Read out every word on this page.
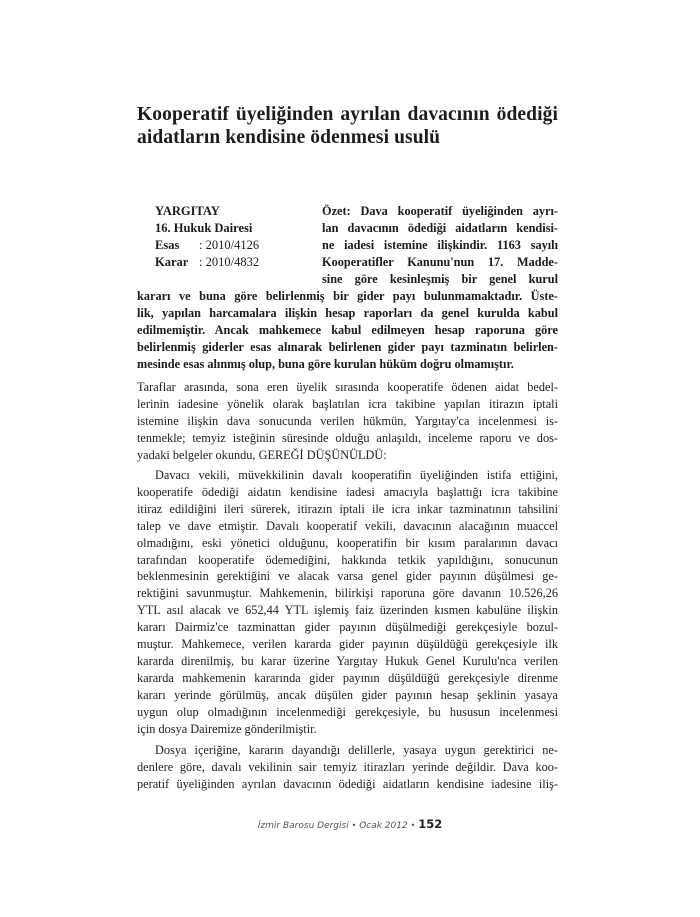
Kooperatif üyeliğinden ayrılan davacının ödediği
aidatların kendisine ödenmesi usulü
YARGITAY
16. Hukuk Dairesi
Esas : 2010/4126
Karar : 2010/4832
Özet: Dava kooperatif üyeliğinden ayrı-
lan davacının ödediği aidatların kendisi-
ne iadesi istemine ilişkindir. 1163 sayılı
Kooperatifler Kanunu'nun 17. Madde-
sine göre kesinleşmiş bir genel kurul
kararı ve buna göre belirlenmiş bir gider payı bulunmamaktadır. Üste-
lik, yapılan harcamalara ilişkin hesap raporları da genel kurulda kabul
edilmemiştir. Ancak mahkemece kabul edilmeyen hesap raporuna göre
belirlenmiş giderler esas alınarak belirlenen gider payı tazminatın belirlen-
mesinde esas alınmış olup, buna göre kurulan hüküm doğru olmamıştır.
Taraflar arasında, sona eren üyelik sırasında kooperatife ödenen aidat bedel-
lerinin iadesine yönelik olarak başlatılan icra takibine yapılan itirazın iptali
istemine ilişkin dava sonucunda verilen hükmün, Yargıtay'ca incelenmesi is-
tenmekle; temyiz isteğinin süresinde olduğu anlaşıldı, inceleme raporu ve dos-
yadaki belgeler okundu, GEREĞİ DÜŞÜNÜLDÜ:
Davacı vekili, müvekkilinin davalı kooperatifin üyeliğinden istifa ettiğini,
kooperatife ödediği aidatın kendisine iadesi amacıyla başlattığı icra takibine
itiraz edildiğini ileri sürerek, itirazın iptali ile icra inkar tazminatının tahsilini
talep ve dave etmiştir. Davalı kooperatif vekili, davacının alacağının muaccel
olmadığını, eski yönetici olduğunu, kooperatifin bir kısım paralarının davacı
tarafından kooperatife ödemediğini, hakkında tetkik yapıldığını, sonucunun
beklenmesinin gerektiğini ve alacak varsa genel gider payının düşülmesi ge-
rektiğini savunmuştur. Mahkemenin, bilirkişi raporuna göre davanın 10.526,26
YTL asıl alacak ve 652,44 YTL işlemiş faiz üzerinden kısmen kabulüne ilişkin
kararı Dairmiz'ce tazminattan gider payının düşülmediği gerekçesiyle bozul-
muştur. Mahkemece, verilen kararda gider payının düşüldüğü gerekçesiyle ilk
kararda direnilmiş, bu karar üzerine Yargıtay Hukuk Genel Kurulu'nca verilen
kararda mahkemenin kararında gider payının düşüldüğü gerekçesiyle direnme
kararı yerinde görülmüş, ancak düşülen gider payının hesap şeklinin yasaya
uygun olup olmadığının incelenmediği gerekçesiyle, bu hususun incelenmesi
için dosya Dairemize gönderilmiştir.
Dosya içeriğine, kararın dayandığı delillerle, yasaya uygun gerektirici ne-
denlere göre, davalı vekilinin sair temyiz itirazları yerinde değildir. Dava koo-
peratif üyeliğinden ayrılan davacının ödediği aidatların kendisine iadesine iliş-
İzmir Barosu Dergisi • Ocak 2012 • 152
